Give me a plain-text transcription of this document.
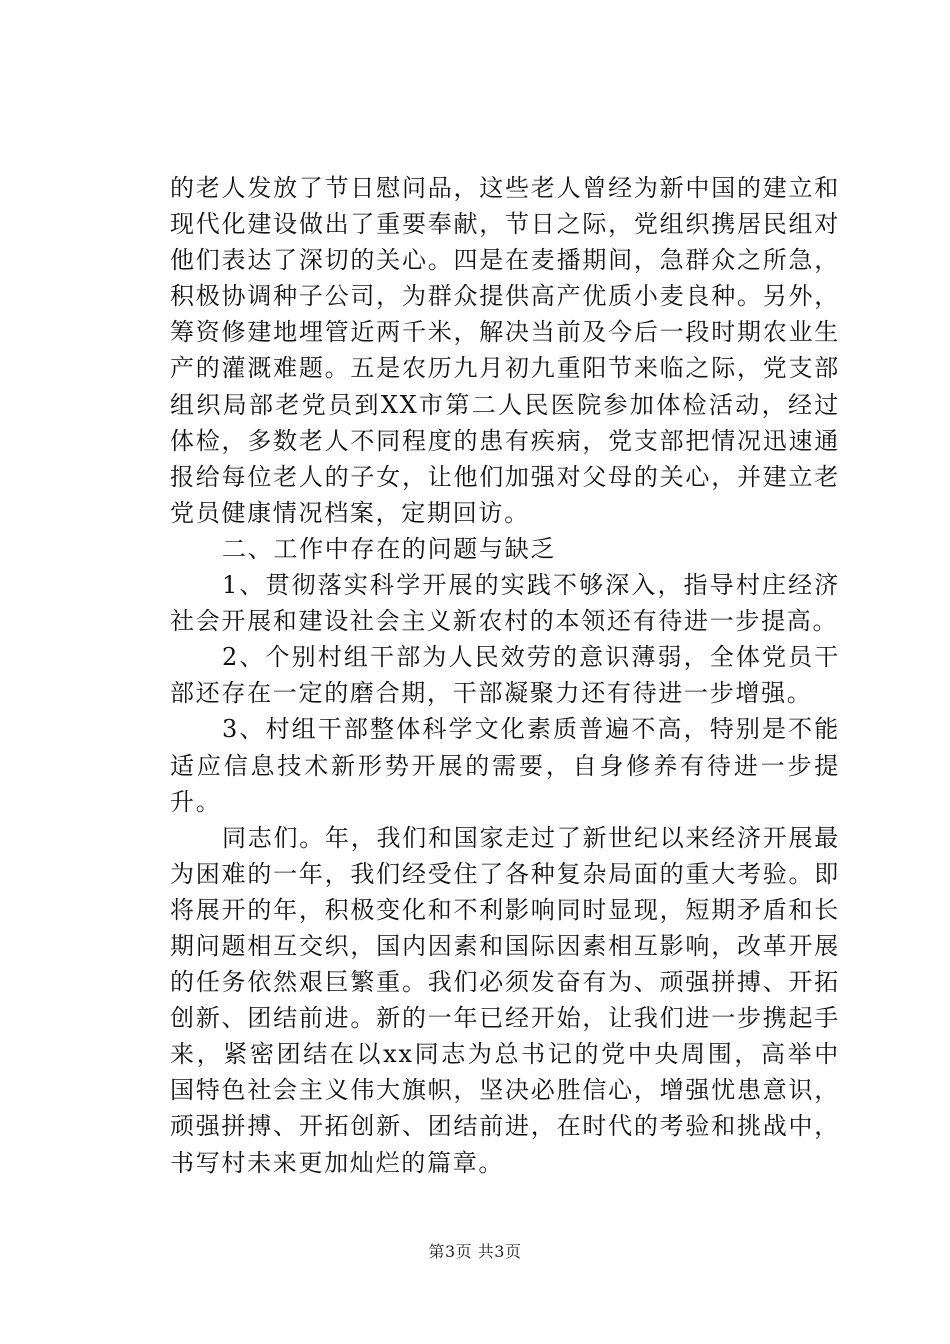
的老人发放了节日慰问品，这些老人曾经为新中国的建立和现代化建设做出了重要奉献，节日之际，党组织携居民组对他们表达了深切的关心。四是在麦播期间，急群众之所急，积极协调种子公司，为群众提供高产优质小麦良种。另外，筹资修建地埋管近两千米，解决当前及今后一段时期农业生产的灌溉难题。五是农历九月初九重阳节来临之际，党支部组织局部老党员到XX市第二人民医院参加体检活动，经过体检，多数老人不同程度的患有疾病，党支部把情况迅速通报给每位老人的子女，让他们加强对父母的关心，并建立老党员健康情况档案，定期回访。

二、工作中存在的问题与缺乏

1、贯彻落实科学开展的实践不够深入，指导村庄经济社会开展和建设社会主义新农村的本领还有待进一步提高。

2、个别村组干部为人民效劳的意识薄弱，全体党员干部还存在一定的磨合期，干部凝聚力还有待进一步增强。

3、村组干部整体科学文化素质普遍不高，特别是不能适应信息技术新形势开展的需要，自身修养有待进一步提升。

同志们。年，我们和国家走过了新世纪以来经济开展最为困难的一年，我们经受住了各种复杂局面的重大考验。即将展开的年，积极变化和不利影响同时显现，短期矛盾和长期问题相互交织，国内因素和国际因素相互影响，改革开展的任务依然艰巨繁重。我们必须发奋有为、顽强拼搏、开拓创新、团结前进。新的一年已经开始，让我们进一步携起手来，紧密团结在以xx同志为总书记的党中央周围，高举中国特色社会主义伟大旗帜，坚决必胜信心，增强忧患意识，顽强拼搏、开拓创新、团结前进，在时代的考验和挑战中，书写村未来更加灿烂的篇章。

第3页 共3页
